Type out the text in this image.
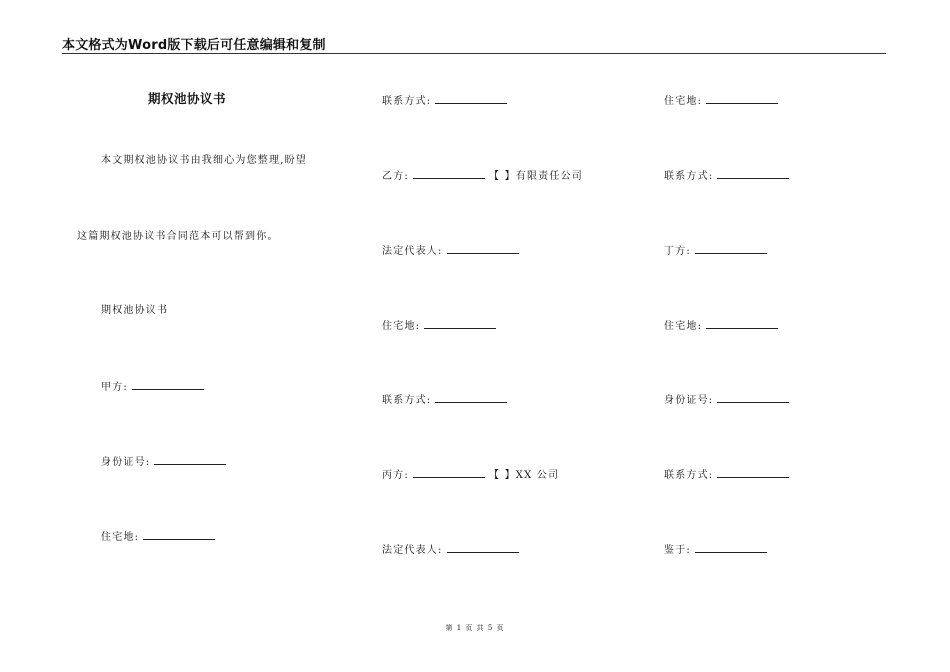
本文格式为Word版下载后可任意编辑和复制
期权池协议书
本文期权池协议书由我细心为您整理,盼望
这篇期权池协议书合同范本可以帮到你。
期权池协议书
甲方:
身份证号:
住宅地:
联系方式:
乙方:	【 】有限责任公司
法定代表人:
住宅地:
联系方式:
丙方:	【 】XX 公司
法定代表人:
住宅地:
联系方式:
丁方:
住宅地:
身份证号:
联系方式:
鉴于:
第 1 页 共 5 页
